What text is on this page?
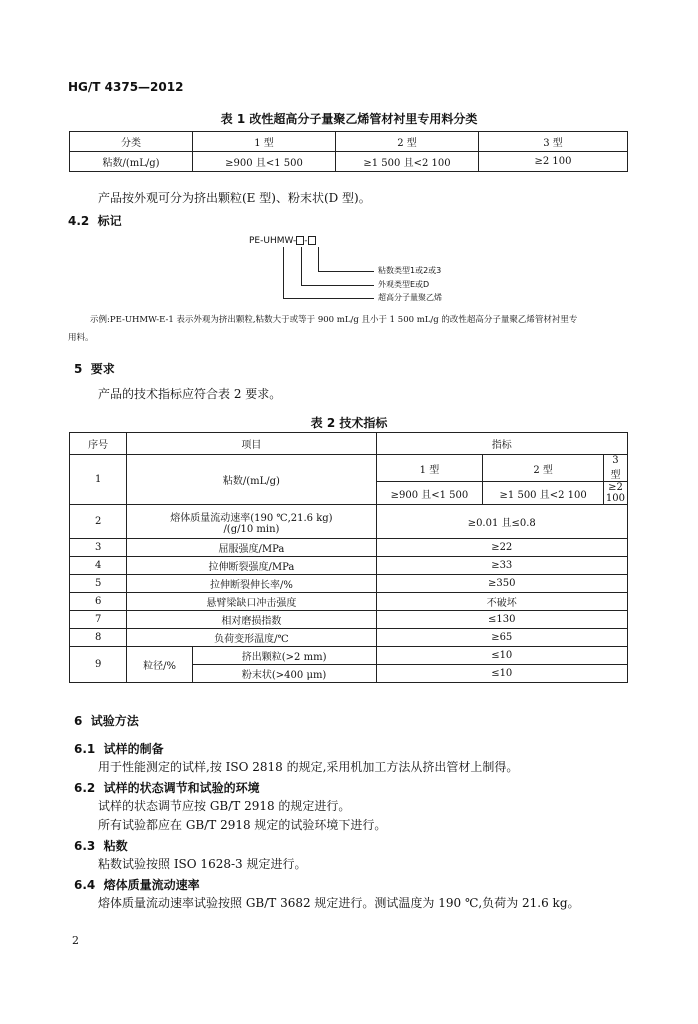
HG/T 4375—2012
表 1 改性超高分子量聚乙烯管材衬里专用料分类
分类	1 型	2 型	3 型
粘数/(mL/g)	≥900 且<1 500	≥1 500 且<2 100	≥2 100
产品按外观可分为挤出颗粒(E 型)、粉末状(D 型)。
4.2 标记
PE-UHMW- -
粘数类型1或2或3
外观类型E或D
超高分子量聚乙烯
示例:PE-UHMW-E-1 表示外观为挤出颗粒,粘数大于或等于 900 mL/g 且小于 1 500 mL/g 的改性超高分子量聚乙烯管材衬里专
用料。
5 要求
产品的技术指标应符合表 2 要求。
表 2 技术指标
序号	项目		指标		
1	粘数/(mL/g)		1 型	2 型	3 型
			≥900 且<1 500	≥1 500 且<2 100	≥2 100
2	熔体质量流动速率(190 ℃,21.6 kg)
/(g/10 min)		≥0.01 且≤0.8		
3	屈服强度/MPa		≥22		
4	拉伸断裂强度/MPa		≥33		
5	拉伸断裂伸长率/%		≥350		
6	悬臂梁缺口冲击强度		不破坏		
7	相对磨损指数		≤130		
8	负荷变形温度/℃		≥65		
9	粒径/%	挤出颗粒(>2 mm)	≤10		
		粉末状(>400 μm)	≤10		
6 试验方法
6.1 试样的制备
用于性能测定的试样,按 ISO 2818 的规定,采用机加工方法从挤出管材上制得。
6.2 试样的状态调节和试验的环境
试样的状态调节应按 GB/T 2918 的规定进行。
所有试验都应在 GB/T 2918 规定的试验环境下进行。
6.3 粘数
粘数试验按照 ISO 1628-3 规定进行。
6.4 熔体质量流动速率
熔体质量流动速率试验按照 GB/T 3682 规定进行。测试温度为 190 ℃,负荷为 21.6 kg。
2
